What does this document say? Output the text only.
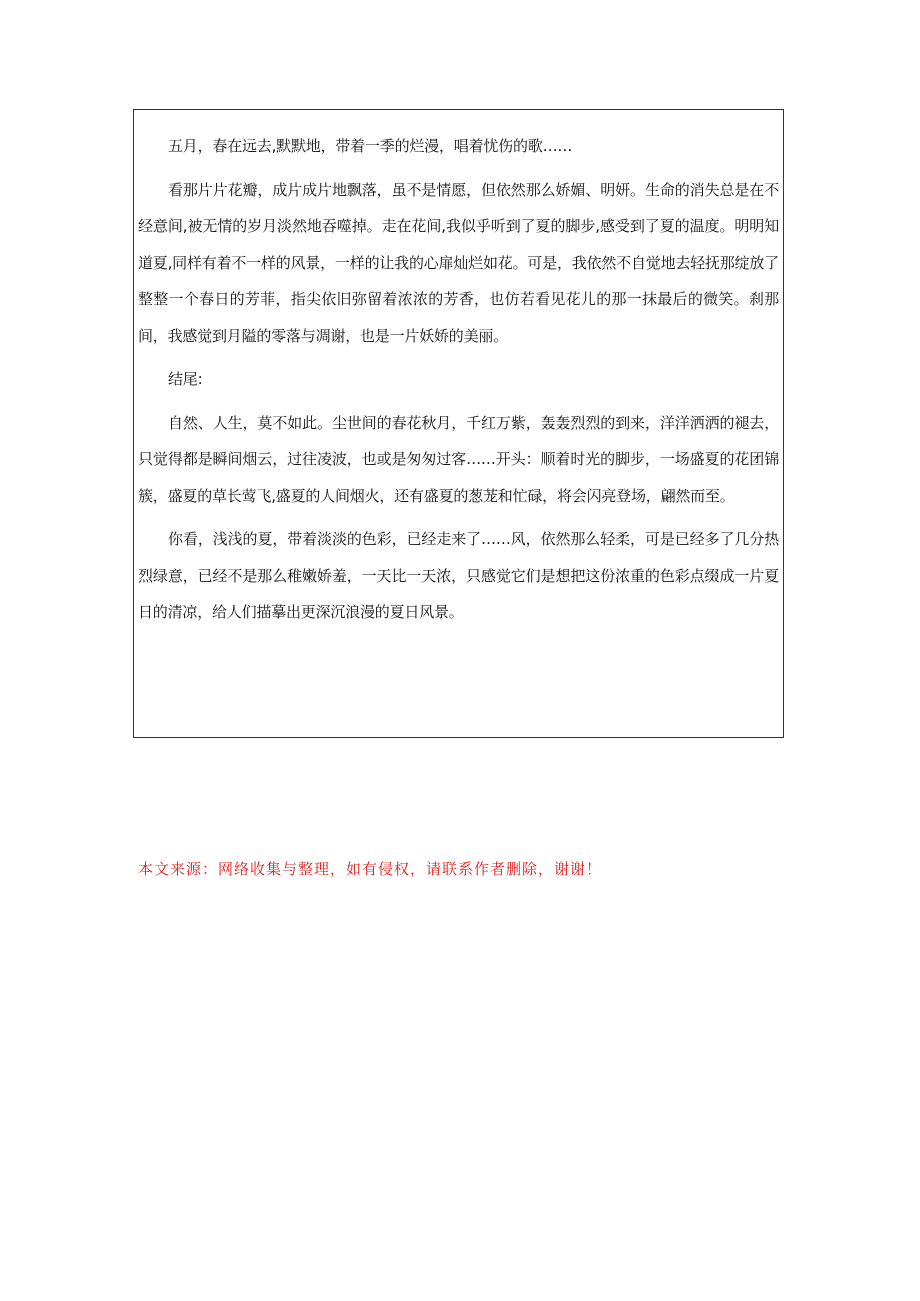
五月，春在远去,默默地，带着一季的烂漫，唱着忧伤的歌……

看那片片花瓣，成片成片地飘落，虽不是情愿，但依然那么娇媚、明妍。生命的消失总是在不经意间,被无情的岁月淡然地吞噬掉。走在花间,我似乎听到了夏的脚步,感受到了夏的温度。明明知道夏,同样有着不一样的风景，一样的让我的心扉灿烂如花。可是，我依然不自觉地去轻抚那绽放了整整一个春日的芳菲，指尖依旧弥留着浓浓的芳香，也仿若看见花儿的那一抹最后的微笑。刹那间，我感觉到月隘的零落与凋谢，也是一片妖娇的美丽。

结尾:

自然、人生，莫不如此。尘世间的春花秋月，千红万紫，轰轰烈烈的到来，洋洋洒洒的褪去，只觉得都是瞬间烟云，过往凌波，也或是匆匆过客……开头：顺着时光的脚步，一场盛夏的花团锦簇，盛夏的草长莺飞,盛夏的人间烟火，还有盛夏的葱茏和忙碌，将会闪亮登场，翩然而至。

你看，浅浅的夏，带着淡淡的色彩，已经走来了……风，依然那么轻柔，可是已经多了几分热烈绿意，已经不是那么稚嫩娇羞，一天比一天浓，只感觉它们是想把这份浓重的色彩点缀成一片夏日的清凉，给人们描摹出更深沉浪漫的夏日风景。

本文来源：网络收集与整理，如有侵权，请联系作者删除，谢谢！
